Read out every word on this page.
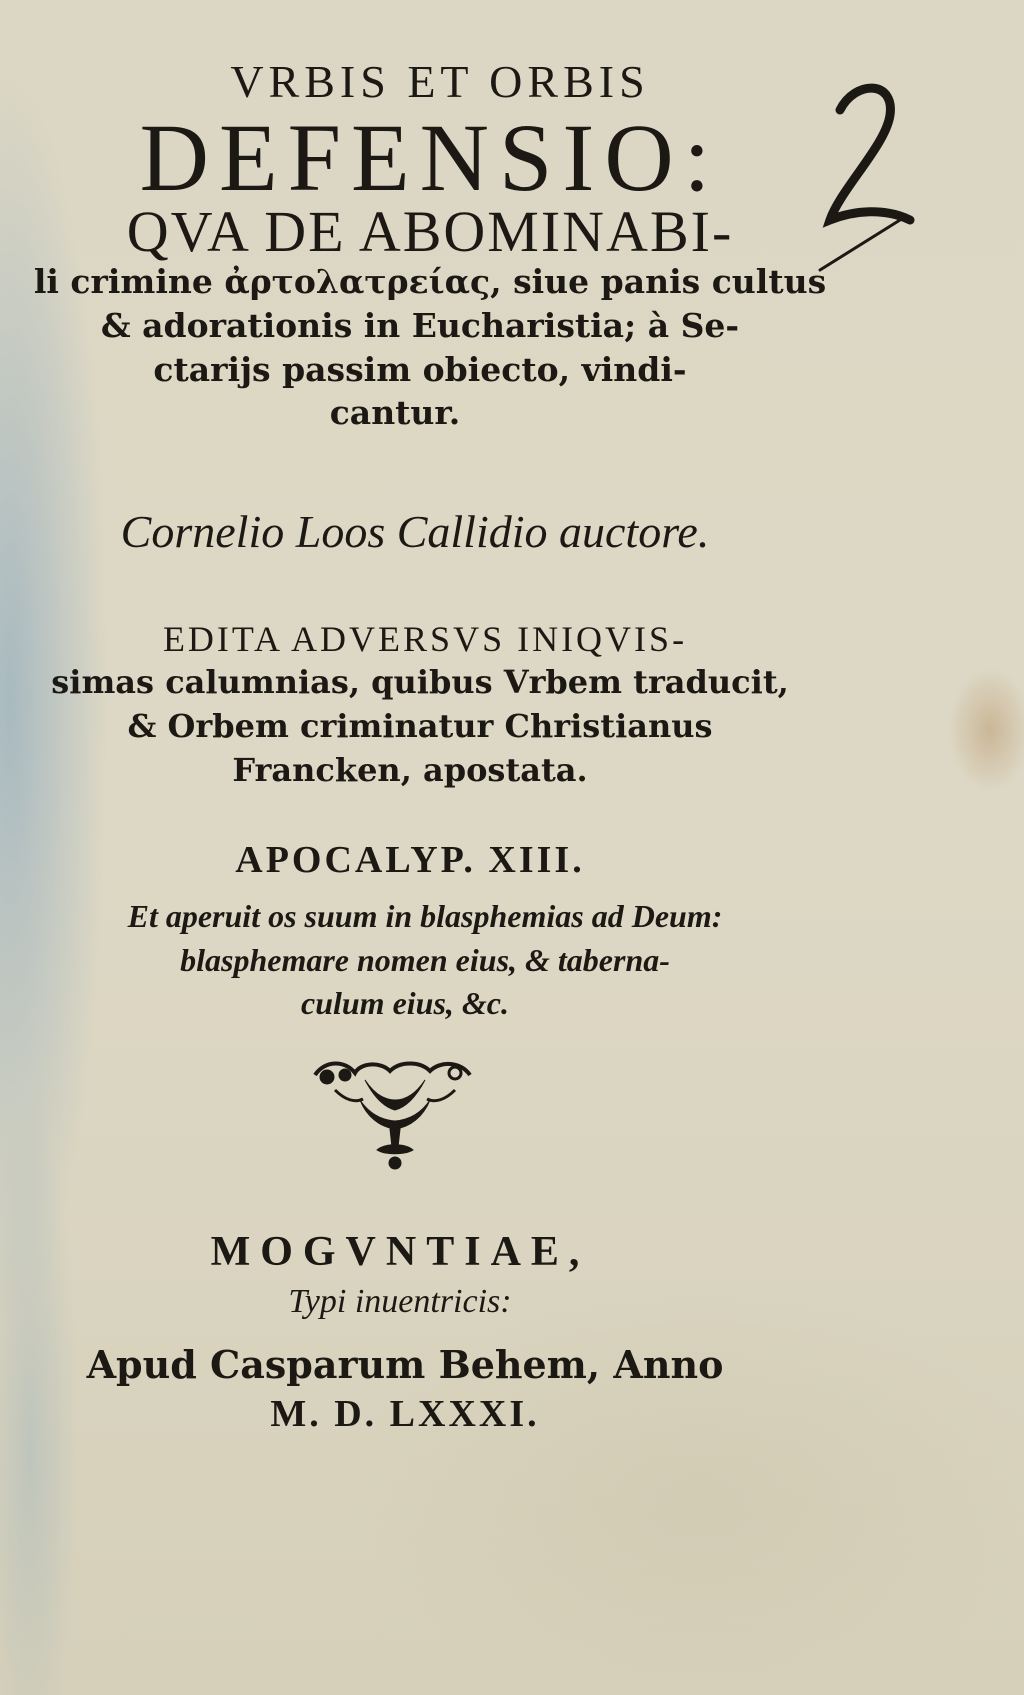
VRBIS ET ORBIS
DEFENSIO:
QVA DE ABOMINABI-
li crimine ἀρτολατρείας, siue panis cultus
& adorationis in Eucharistia; à Se-
ctarijs passim obiecto, vindi-
cantur.
Cornelio Loos Callidio auctore.
EDITA ADVERSVS INIQVIS-
simas calumnias, quibus Vrbem traducit,
& Orbem criminatur Christianus
Francken, apostata.
APOCALYP. XIII.
Et aperuit os suum in blasphemias ad Deum:
blasphemare nomen eius, & taberna-
culum eius, &c.
MOGVNTIAE,
Typi inuentricis:
Apud Casparum Behem, Anno
M. D. LXXXI.
